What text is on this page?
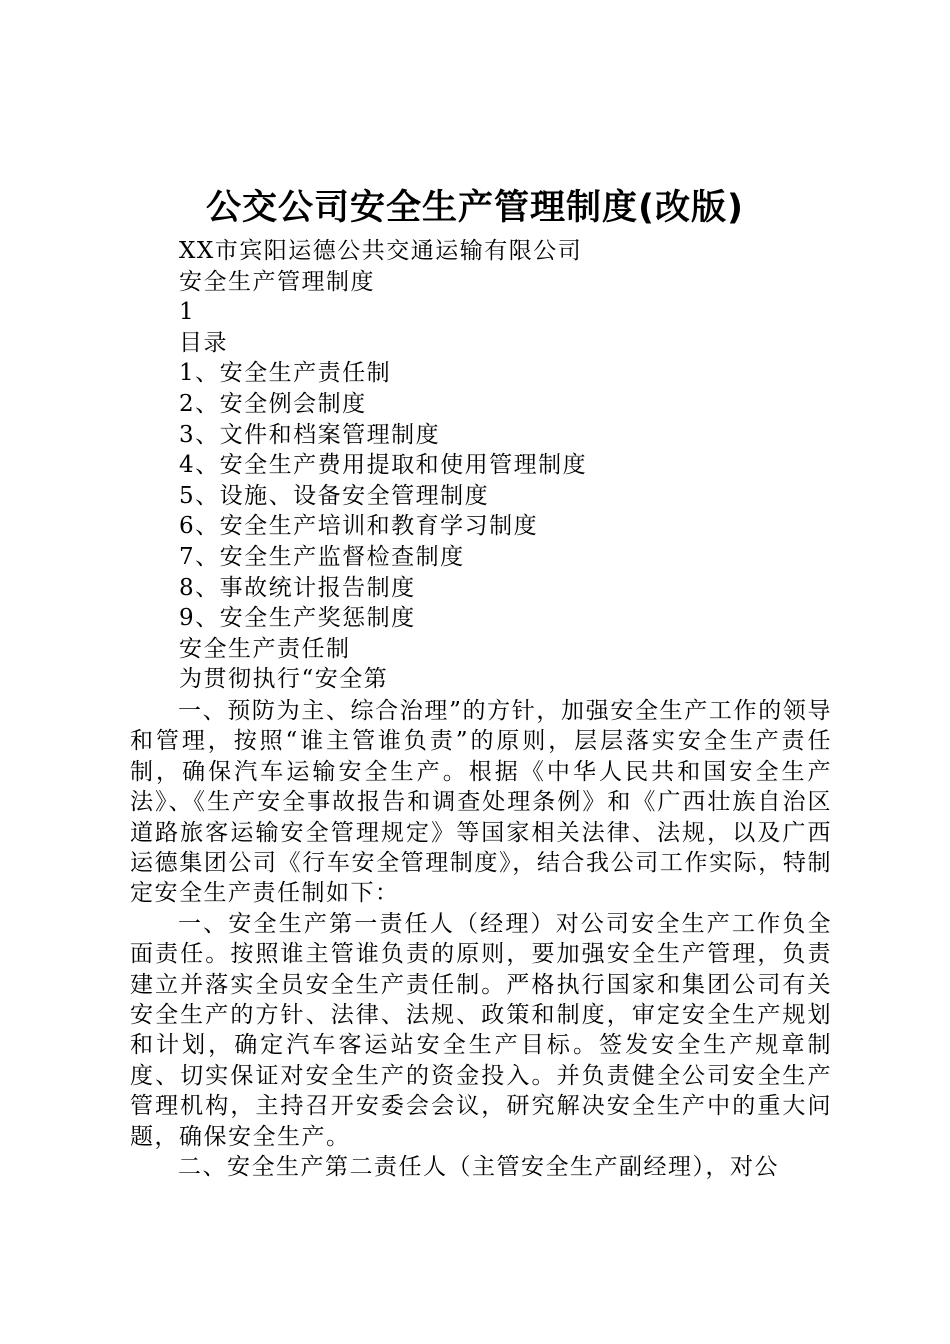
公交公司安全生产管理制度(改版)
XX市宾阳运德公共交通运输有限公司
安全生产管理制度
1
目录
1、安全生产责任制
2、安全例会制度
3、文件和档案管理制度
4、安全生产费用提取和使用管理制度
5、设施、设备安全管理制度
6、安全生产培训和教育学习制度
7、安全生产监督检查制度
8、事故统计报告制度
9、安全生产奖惩制度
安全生产责任制
为贯彻执行“安全第

一、预防为主、综合治理”的方针，加强安全生产工作的领导和管理，按照“谁主管谁负责”的原则，层层落实安全生产责任制，确保汽车运输安全生产。根据《中华人民共和国安全生产法》、《生产安全事故报告和调查处理条例》和《广西壮族自治区道路旅客运输安全管理规定》等国家相关法律、法规，以及广西运德集团公司《行车安全管理制度》，结合我公司工作实际，特制定安全生产责任制如下：

一、安全生产第一责任人（经理）对公司安全生产工作负全面责任。按照谁主管谁负责的原则，要加强安全生产管理，负责建立并落实全员安全生产责任制。严格执行国家和集团公司有关安全生产的方针、法律、法规、政策和制度，审定安全生产规划和计划，确定汽车客运站安全生产目标。签发安全生产规章制度、切实保证对安全生产的资金投入。并负责健全公司安全生产管理机构，主持召开安委会会议，研究解决安全生产中的重大问题，确保安全生产。

二、安全生产第二责任人（主管安全生产副经理），对公
